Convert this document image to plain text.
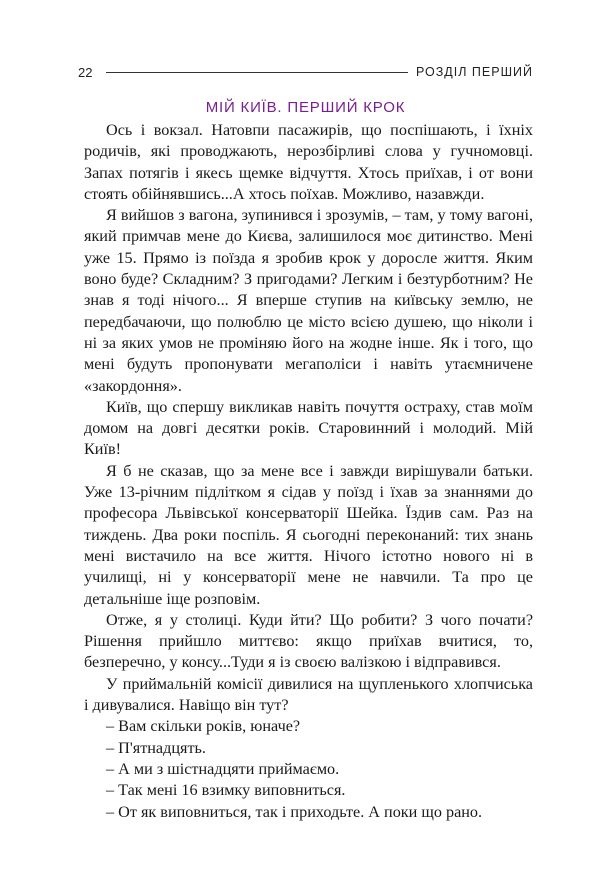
22	РОЗДІЛ ПЕРШИЙ
МІЙ КИЇВ. ПЕРШИЙ КРОК

Ось і вокзал. Натовпи пасажирів, що поспішають, і їхніх родичів, які проводжають, нерозбірливі слова у гучномовці. Запах потягів і якесь щемке відчуття. Хтось приїхав, і от вони стоять обійнявшись...А хтось поїхав. Можливо, назавжди.

Я вийшов з вагона, зупинився і зрозумів, – там, у тому вагоні, який примчав мене до Києва, залишилося моє дитинство. Мені уже 15. Прямо із поїзда я зробив крок у доросле життя. Яким воно буде? Складним? З пригодами? Легким і безтурботним? Не знав я тоді нічого... Я вперше ступив на київську землю, не передбачаючи, що полюблю це місто всією душею, що ніколи і ні за яких умов не проміняю його на жодне інше. Як і того, що мені будуть пропонувати мегаполіси і навіть утаємничене «закордоння».

Київ, що спершу викликав навіть почуття остраху, став моїм домом на довгі десятки років. Старовинний і молодий. Мій Київ!

Я б не сказав, що за мене все і завжди вирішували батьки. Уже 13-річним підлітком я сідав у поїзд і їхав за знаннями до професора Львівської консерваторії Шейка. Їздив сам. Раз на тиждень. Два роки поспіль. Я сьогодні переконаний: тих знань мені вистачило на все життя. Нічого істотно нового ні в училищі, ні у консерваторії мене не навчили. Та про це детальніше іще розповім.

Отже, я у столиці. Куди йти? Що робити? З чого почати? Рішення прийшло миттєво: якщо приїхав вчитися, то, безперечно, у консу...Туди я із своєю валізкою і відправився.

У приймальній комісії дивилися на щупленького хлопчиська і дивувалися. Навіщо він тут?

– Вам скільки років, юначе?

– П'ятнадцять.

– А ми з шістнадцяти приймаємо.

– Так мені 16 взимку виповниться.

– От як виповниться, так і приходьте. А поки що рано.
